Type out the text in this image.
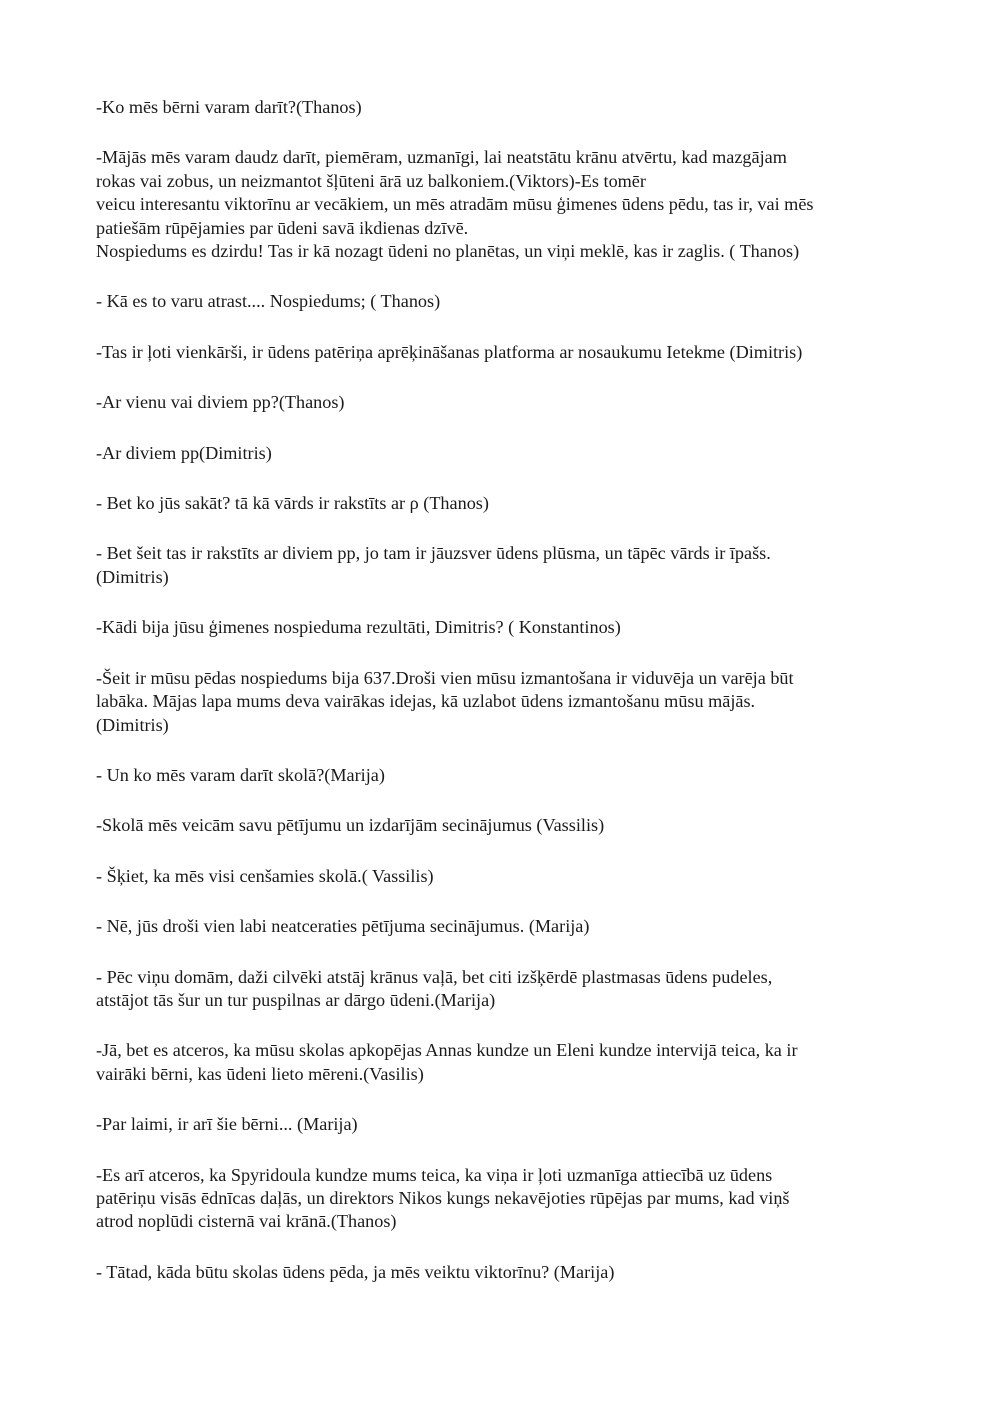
-Ko mēs bērni varam darīt?(Thanos)

-Mājās mēs varam daudz darīt, piemēram, uzmanīgi, lai neatstātu krānu atvērtu, kad mazgājam
rokas vai zobus, un neizmantot šļūteni ārā uz balkoniem.(Viktors)-Es tomēr
veicu interesantu viktorīnu ar vecākiem, un mēs atradām mūsu ģimenes ūdens pēdu, tas ir, vai mēs
patiešām rūpējamies par ūdeni savā ikdienas dzīvē.
Nospiedums es dzirdu! Tas ir kā nozagt ūdeni no planētas, un viņi meklē, kas ir zaglis. ( Thanos)

- Kā es to varu atrast.... Nospiedums; ( Thanos)

-Tas ir ļoti vienkārši, ir ūdens patēriņa aprēķināšanas platforma ar nosaukumu Ietekme (Dimitris)

-Ar vienu vai diviem pp?(Thanos)

-Ar diviem pp(Dimitris)

- Bet ko jūs sakāt? tā kā vārds ir rakstīts ar ρ (Thanos)

- Bet šeit tas ir rakstīts ar diviem pp, jo tam ir jāuzsver ūdens plūsma, un tāpēc vārds ir īpašs.
(Dimitris)

-Kādi bija jūsu ģimenes nospieduma rezultāti, Dimitris? ( Konstantinos)

-Šeit ir mūsu pēdas nospiedums bija 637.Droši vien mūsu izmantošana ir viduvēja un varēja būt
labāka. Mājas lapa mums deva vairākas idejas, kā uzlabot ūdens izmantošanu mūsu mājās.
(Dimitris)

- Un ko mēs varam darīt skolā?(Marija)

-Skolā mēs veicām savu pētījumu un izdarījām secinājumus (Vassilis)

- Šķiet, ka mēs visi cenšamies skolā.( Vassilis)

- Nē, jūs droši vien labi neatceraties pētījuma secinājumus. (Marija)

- Pēc viņu domām, daži cilvēki atstāj krānus vaļā, bet citi izšķērdē plastmasas ūdens pudeles,
atstājot tās šur un tur puspilnas ar dārgo ūdeni.(Marija)

-Jā, bet es atceros, ka mūsu skolas apkopējas Annas kundze un Eleni kundze intervijā teica, ka ir
vairāki bērni, kas ūdeni lieto mēreni.(Vasilis)

-Par laimi, ir arī šie bērni... (Marija)

-Es arī atceros, ka Spyridoula kundze mums teica, ka viņa ir ļoti uzmanīga attiecībā uz ūdens
patēriņu visās ēdnīcas daļās, un direktors Nikos kungs nekavējoties rūpējas par mums, kad viņš
atrod noplūdi cisternā vai krānā.(Thanos)

- Tātad, kāda būtu skolas ūdens pēda, ja mēs veiktu viktorīnu? (Marija)
